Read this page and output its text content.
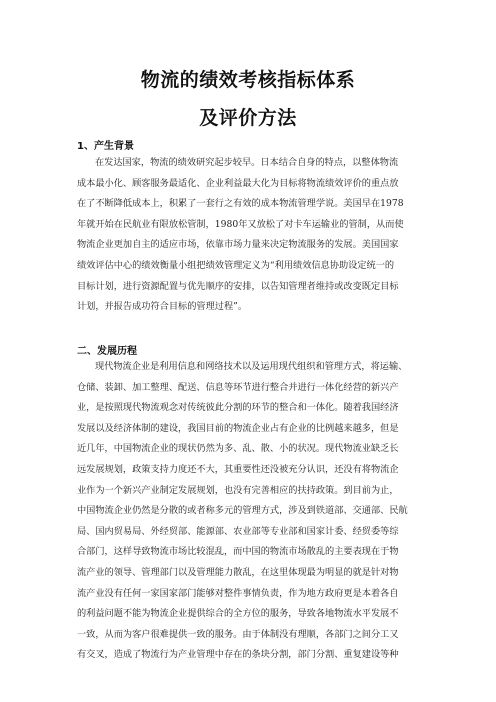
物流的绩效考核指标体系
及评价方法
1、产生背景

在发达国家，物流的绩效研究起步较早。日本结合自身的特点，以整体物流
成本最小化、顾客服务最适化、企业利益最大化为目标将物流绩效评价的重点放
在了不断降低成本上，积累了一套行之有效的成本物流管理学说。美国早在1978
年就开始在民航业有限放松管制，1980年又放松了对卡车运输业的管制，从而使
物流企业更加自主的适应市场，依靠市场力量来决定物流服务的发展。美国国家
绩效评估中心的绩效衡量小组把绩效管理定义为“利用绩效信息协助设定统一的
目标计划，进行资源配置与优先顺序的安排，以告知管理者维持或改变既定目标
计划，并报告成功符合目标的管理过程”。

二、发展历程

现代物流企业是利用信息和网络技术以及运用现代组织和管理方式，将运输、
仓储、装卸、加工整理、配送、信息等环节进行整合并进行一体化经营的新兴产
业，是按照现代物流观念对传统彼此分割的环节的整合和一体化。随着我国经济
发展以及经济体制的建设，我国目前的物流企业占有企业的比例越来越多，但是
近几年，中国物流企业的现状仍然为多、乱、散、小的状况。现代物流业缺乏长
远发展规划，政策支持力度还不大，其重要性还没被充分认识，还没有将物流企
业作为一个新兴产业制定发展规划，也没有完善相应的扶持政策。到目前为止，
中国物流企业仍然是分散的或者称多元的管理方式，涉及到铁道部、交通部、民航
局、国内贸易局、外经贸部、能源部、农业部等专业部和国家计委、经贸委等综
合部门，这样导致物流市场比较混乱，而中国的物流市场散乱的主要表现在于物
流产业的领导、管理部门以及管理能力散乱，在这里体现最为明显的就是针对物
流产业没有任何一家国家部门能够对整件事情负责，作为地方政府更是本着各自
的利益问题不能为物流企业提供综合的全方位的服务，导致各地物流水平发展不
一致，从而为客户很难提供一致的服务。由于体制没有理顺，各部门之间分工又
有交叉，造成了物流行为产业管理中存在的条块分割，部门分割、重复建设等种
